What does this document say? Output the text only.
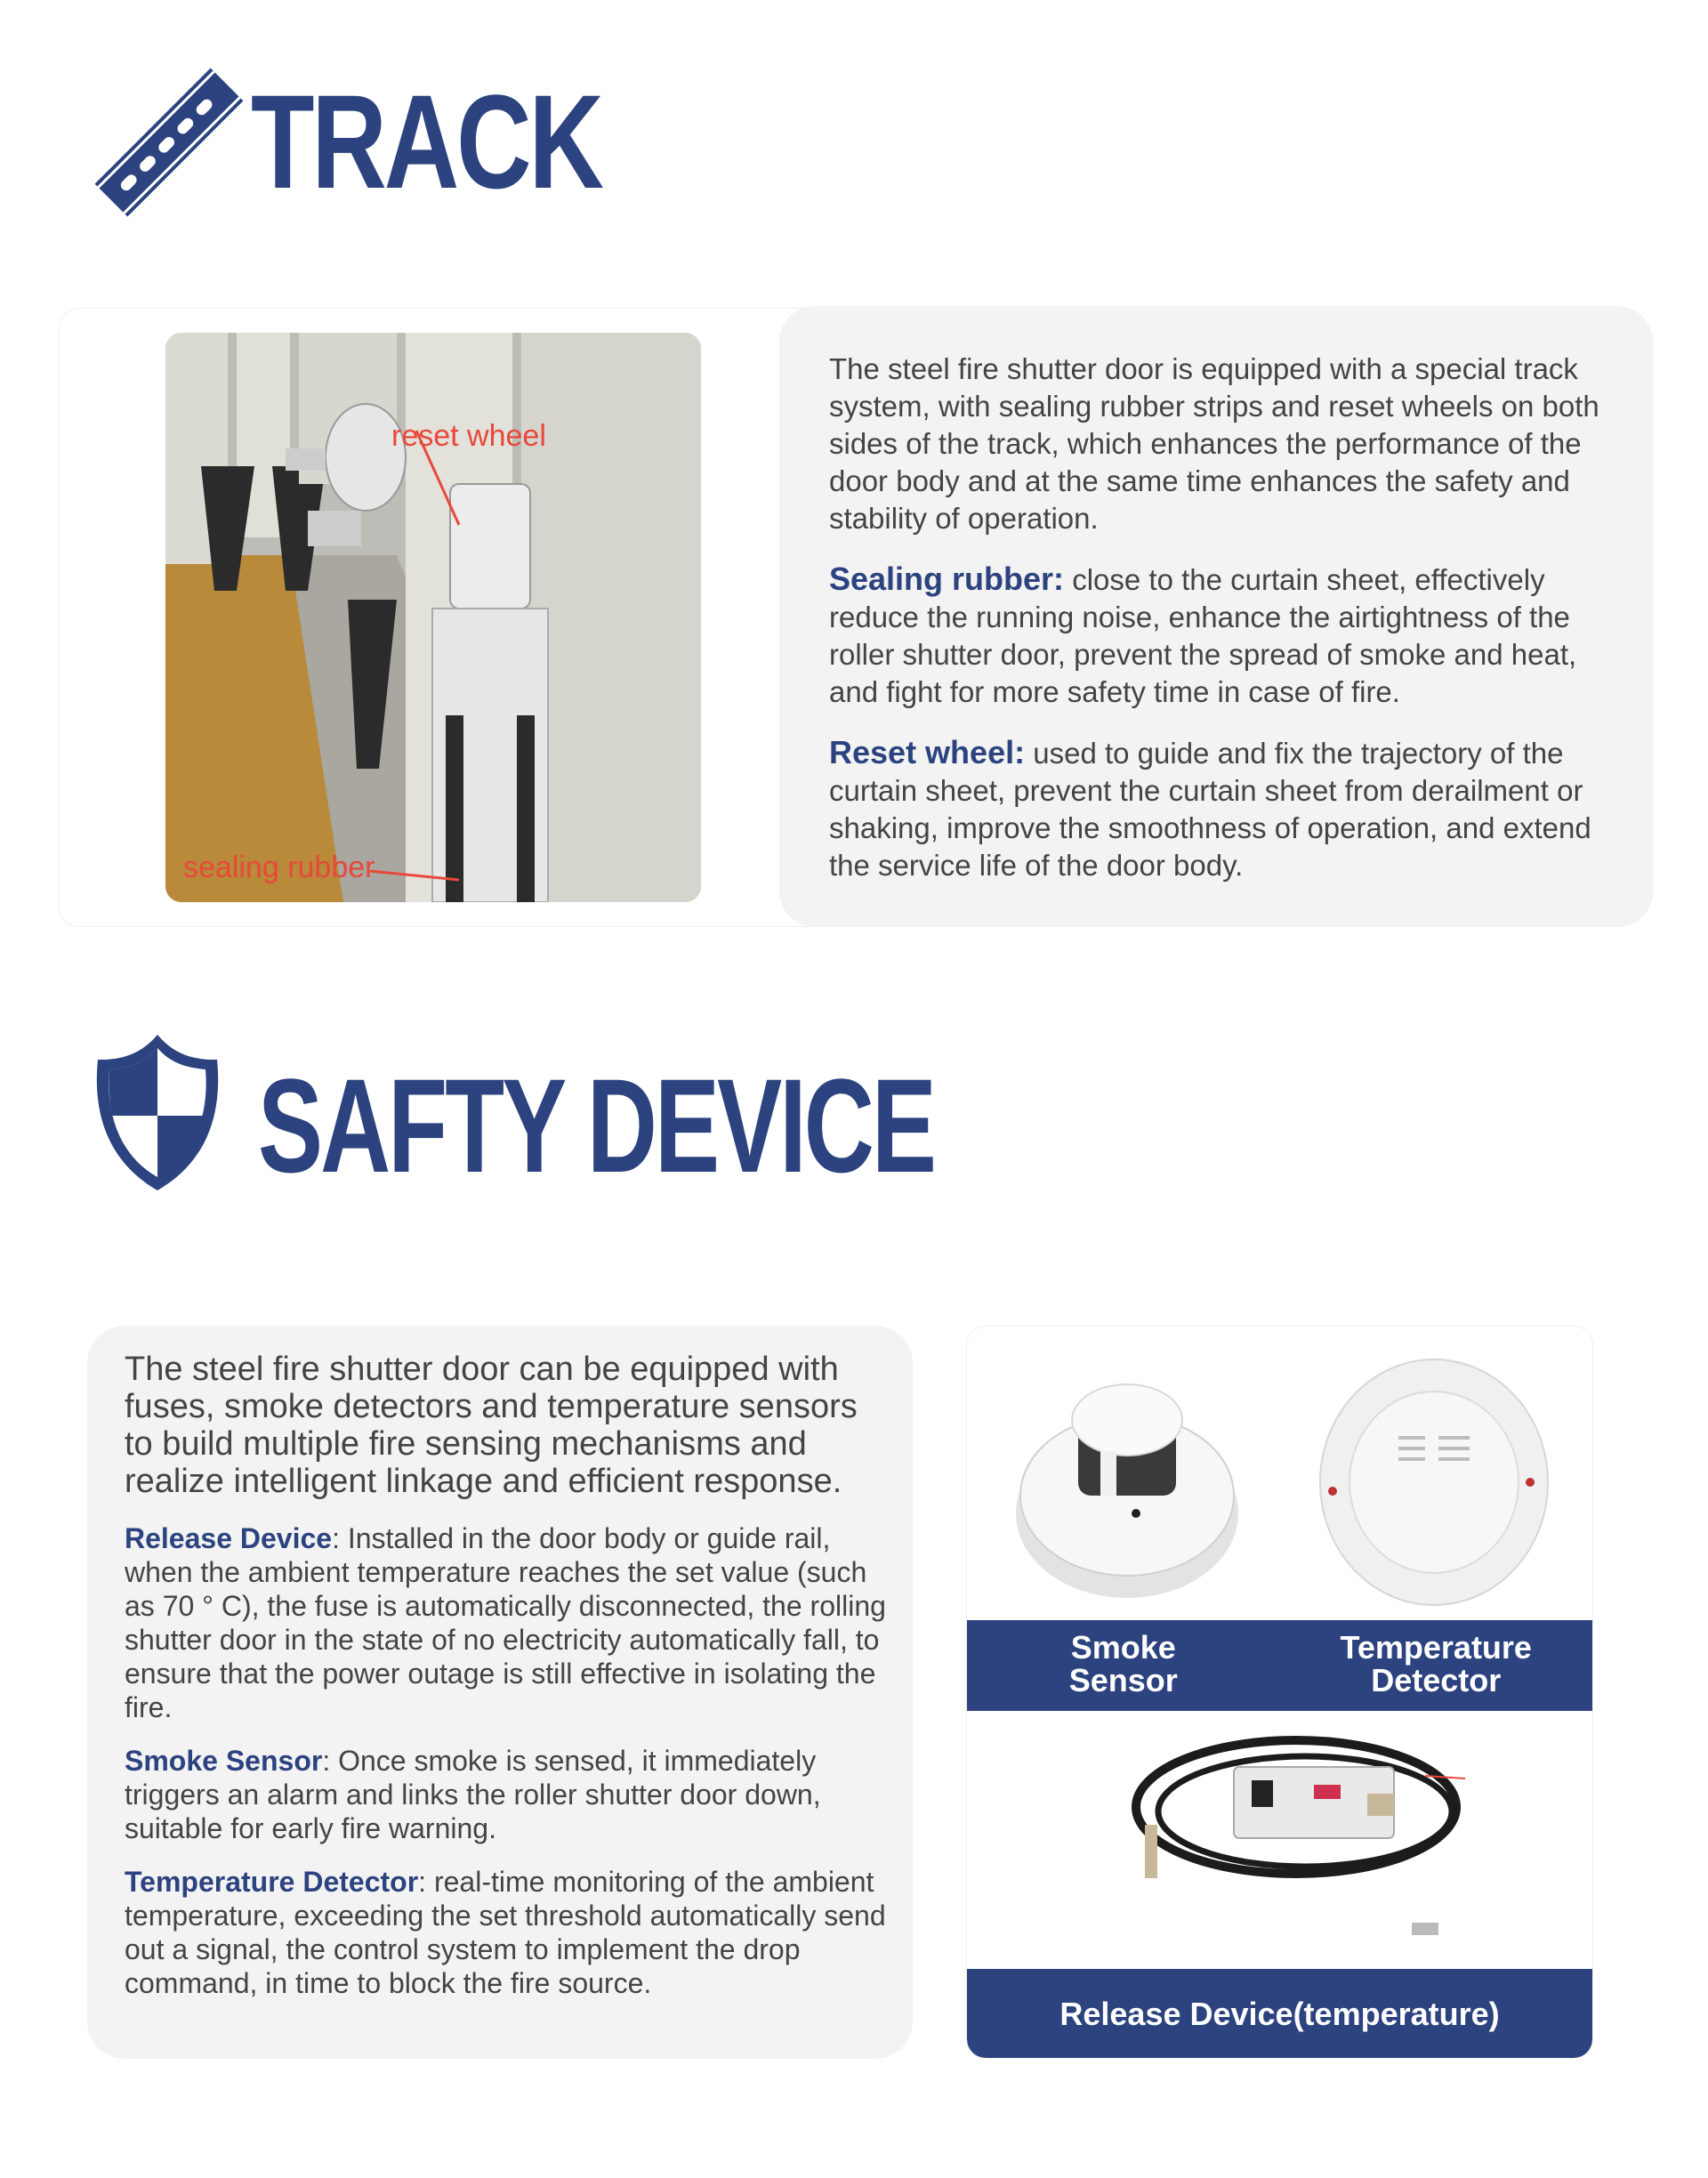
TRACK
reset wheel
sealing rubber

The steel fire shutter door is equipped with a special track system, with sealing rubber strips and reset wheels on both sides of the track, which enhances the performance of the door body and at the same time enhances the safety and stability of operation.

Sealing rubber: close to the curtain sheet, effectively reduce the running noise, enhance the airtightness of the roller shutter door, prevent the spread of smoke and heat, and fight for more safety time in case of fire.

Reset wheel: used to guide and fix the trajectory of the curtain sheet, prevent the curtain sheet from derailment or shaking, improve the smoothness of operation, and extend the service life of the door body.

SAFTY DEVICE

The steel fire shutter door can be equipped with fuses, smoke detectors and temperature sensors to build multiple fire sensing mechanisms and realize intelligent linkage and efficient response.

Release Device: Installed in the door body or guide rail, when the ambient temperature reaches the set value (such as 70 ° C), the fuse is automatically disconnected, the rolling shutter door in the state of no electricity automatically fall, to ensure that the power outage is still effective in isolating the fire.

Smoke Sensor: Once smoke is sensed, it immediately triggers an alarm and links the roller shutter door down, suitable for early fire warning.

Temperature Detector: real-time monitoring of the ambient temperature, exceeding the set threshold automatically send out a signal, the control system to implement the drop command, in time to block the fire source.

Smoke
Sensor
Temperature
Detector
Release Device(temperature)
